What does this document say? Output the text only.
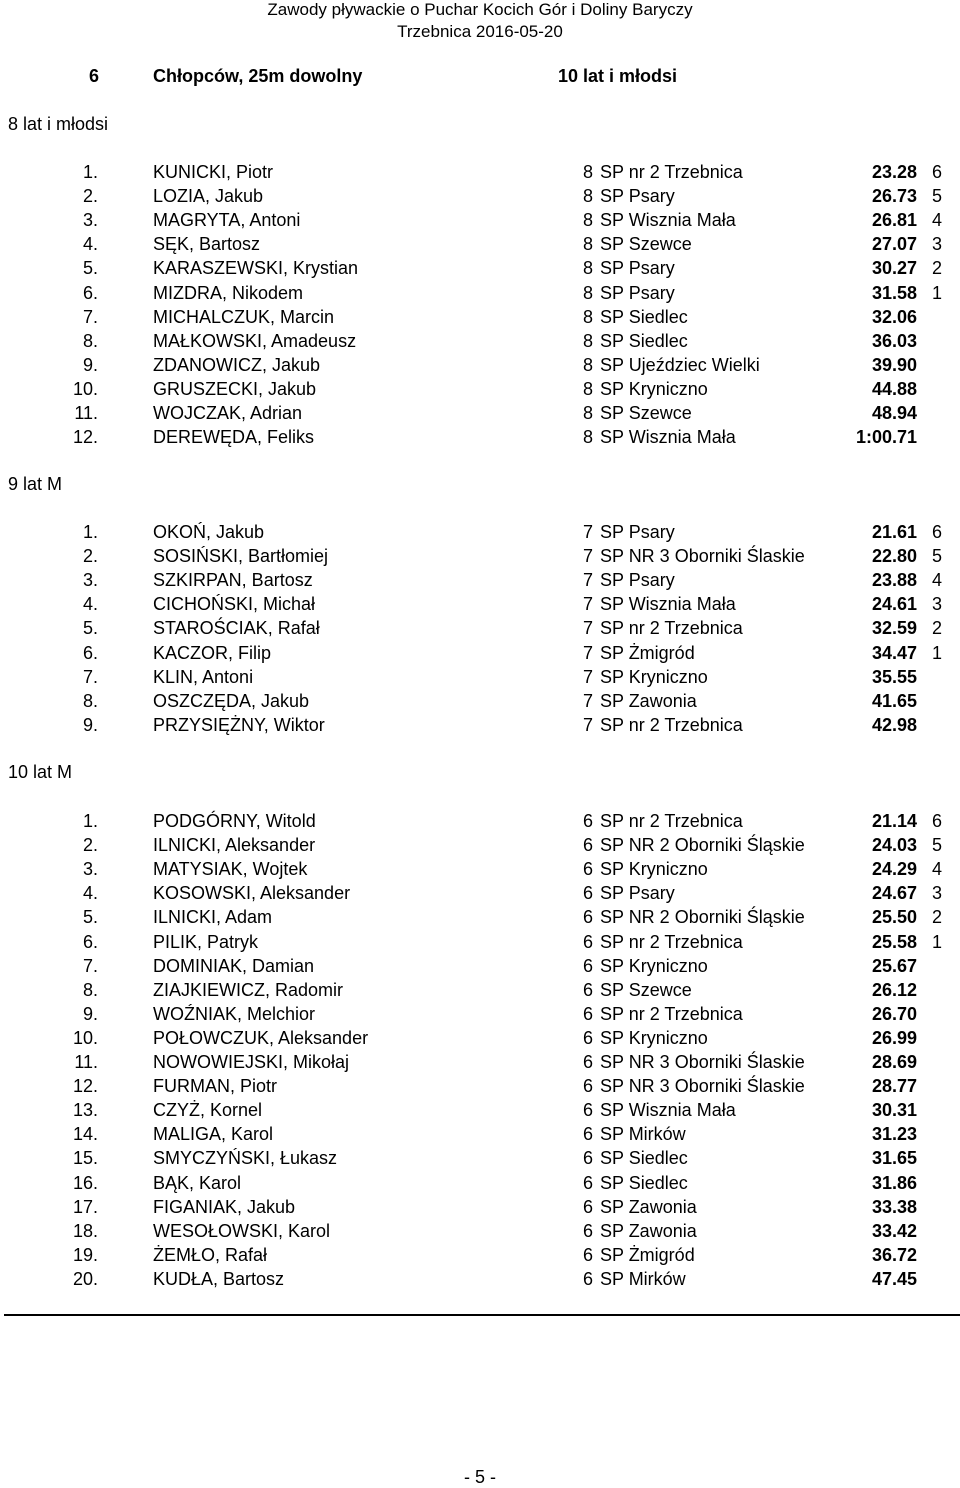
Zawody pływackie o Puchar Kocich Gór i Doliny Baryczy
Trzebnica 2016-05-20
6	Chłopców, 25m dowolny	10 lat i młodsi
8 lat i młodsi
1.	KUNICKI, Piotr	8 SP nr 2 Trzebnica	23.28 6
2.	LOZIA, Jakub	8 SP Psary	26.73 5
3.	MAGRYTA, Antoni	8 SP Wisznia Mała	26.81 4
4.	SĘK, Bartosz	8 SP Szewce	27.07 3
5.	KARASZEWSKI, Krystian	8 SP Psary	30.27 2
6.	MIZDRA, Nikodem	8 SP Psary	31.58 1
7.	MICHALCZUK, Marcin	8 SP Siedlec	32.06
8.	MAŁKOWSKI, Amadeusz	8 SP Siedlec	36.03
9.	ZDANOWICZ, Jakub	8 SP Ujeździec Wielki	39.90
10.	GRUSZECKI, Jakub	8 SP Kryniczno	44.88
11.	WOJCZAK, Adrian	8 SP Szewce	48.94
12.	DEREWĘDA, Feliks	8 SP Wisznia Mała	1:00.71
9 lat M
1.	OKOŃ, Jakub	7 SP Psary	21.61 6
2.	SOSIŃSKI, Bartłomiej	7 SP NR 3 Oborniki Ślaskie	22.80 5
3.	SZKIRPAN, Bartosz	7 SP Psary	23.88 4
4.	CICHOŃSKI, Michał	7 SP Wisznia Mała	24.61 3
5.	STAROŚCIAK, Rafał	7 SP nr 2 Trzebnica	32.59 2
6.	KACZOR, Filip	7 SP Żmigród	34.47 1
7.	KLIN, Antoni	7 SP Kryniczno	35.55
8.	OSZCZĘDA, Jakub	7 SP Zawonia	41.65
9.	PRZYSIĘŻNY, Wiktor	7 SP nr 2 Trzebnica	42.98
10 lat M
1.	PODGÓRNY, Witold	6 SP nr 2 Trzebnica	21.14 6
2.	ILNICKI, Aleksander	6 SP NR 2 Oborniki Śląskie	24.03 5
3.	MATYSIAK, Wojtek	6 SP Kryniczno	24.29 4
4.	KOSOWSKI, Aleksander	6 SP Psary	24.67 3
5.	ILNICKI, Adam	6 SP NR 2 Oborniki Śląskie	25.50 2
6.	PILIK, Patryk	6 SP nr 2 Trzebnica	25.58 1
7.	DOMINIAK, Damian	6 SP Kryniczno	25.67
8.	ZIAJKIEWICZ, Radomir	6 SP Szewce	26.12
9.	WOŹNIAK, Melchior	6 SP nr 2 Trzebnica	26.70
10.	POŁOWCZUK, Aleksander	6 SP Kryniczno	26.99
11.	NOWOWIEJSKI, Mikołaj	6 SP NR 3 Oborniki Ślaskie	28.69
12.	FURMAN, Piotr	6 SP NR 3 Oborniki Ślaskie	28.77
13.	CZYŻ, Kornel	6 SP Wisznia Mała	30.31
14.	MALIGA, Karol	6 SP Mirków	31.23
15.	SMYCZYŃSKI, Łukasz	6 SP Siedlec	31.65
16.	BĄK, Karol	6 SP Siedlec	31.86
17.	FIGANIAK, Jakub	6 SP Zawonia	33.38
18.	WESOŁOWSKI, Karol	6 SP Zawonia	33.42
19.	ŻEMŁO, Rafał	6 SP Żmigród	36.72
20.	KUDŁA, Bartosz	6 SP Mirków	47.45
- 5 -
